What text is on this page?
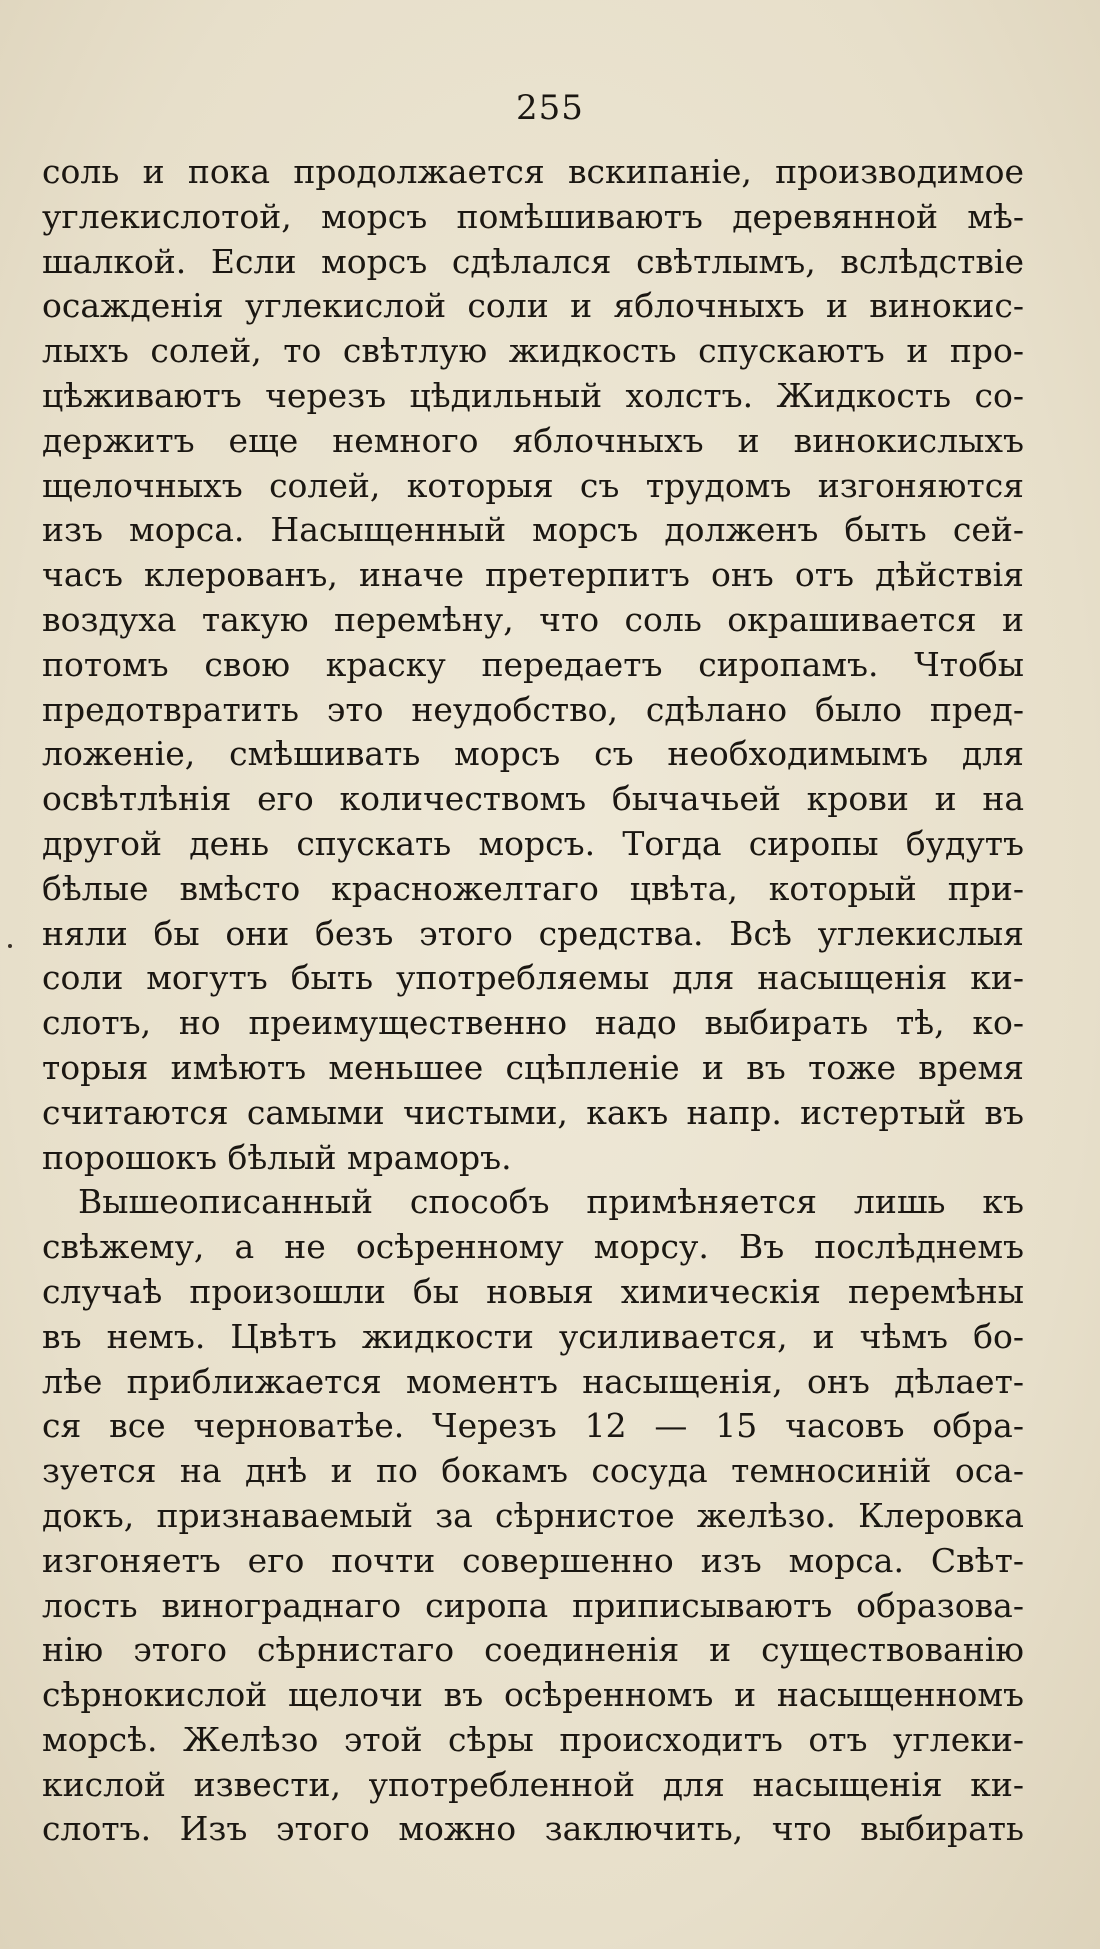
255
соль и пока продолжается вскипаніе, производимое
углекислотой, морсъ помѣшиваютъ деревянной мѣ-
шалкой. Если морсъ сдѣлался свѣтлымъ, вслѣдствіе
осажденія углекислой соли и яблочныхъ и винокис-
лыхъ солей, то свѣтлую жидкость спускаютъ и про-
цѣживаютъ черезъ цѣдильный холстъ. Жидкость со-
держитъ еще немного яблочныхъ и винокислыхъ
щелочныхъ солей, которыя съ трудомъ изгоняются
изъ морса. Насыщенный морсъ долженъ быть сей-
часъ клерованъ, иначе претерпитъ онъ отъ дѣйствія
воздуха такую перемѣну, что соль окрашивается и
потомъ свою краску передаетъ сиропамъ. Чтобы
предотвратить это неудобство, сдѣлано было пред-
ложеніе, смѣшивать морсъ съ необходимымъ для
освѣтлѣнія его количествомъ бычачьей крови и на
другой день спускать морсъ. Тогда сиропы будутъ
бѣлые вмѣсто красножелтаго цвѣта, который при-
няли бы они безъ этого средства. Всѣ углекислыя
соли могутъ быть употребляемы для насыщенія ки-
слотъ, но преимущественно надо выбирать тѣ, ко-
торыя имѣютъ меньшее сцѣпленіе и въ тоже время
считаются самыми чистыми, какъ напр. истертый въ
порошокъ бѣлый мраморъ.
Вышеописанный способъ примѣняется лишь къ
свѣжему, а не осѣренному морсу. Въ послѣднемъ
случаѣ произошли бы новыя химическія перемѣны
въ немъ. Цвѣтъ жидкости усиливается, и чѣмъ бо-
лѣе приближается моментъ насыщенія, онъ дѣлает-
ся все черноватѣе. Черезъ 12 — 15 часовъ обра-
зуется на днѣ и по бокамъ сосуда темносиній оса-
докъ, признаваемый за сѣрнистое желѣзо. Клеровка
изгоняетъ его почти совершенно изъ морса. Свѣт-
лость винограднаго сиропа приписываютъ образова-
нію этого сѣрнистаго соединенія и существованію
сѣрнокислой щелочи въ осѣренномъ и насыщенномъ
морсѣ. Желѣзо этой сѣры происходитъ отъ углеки-
кислой извести, употребленной для насыщенія ки-
слотъ. Изъ этого можно заключить, что выбирать
